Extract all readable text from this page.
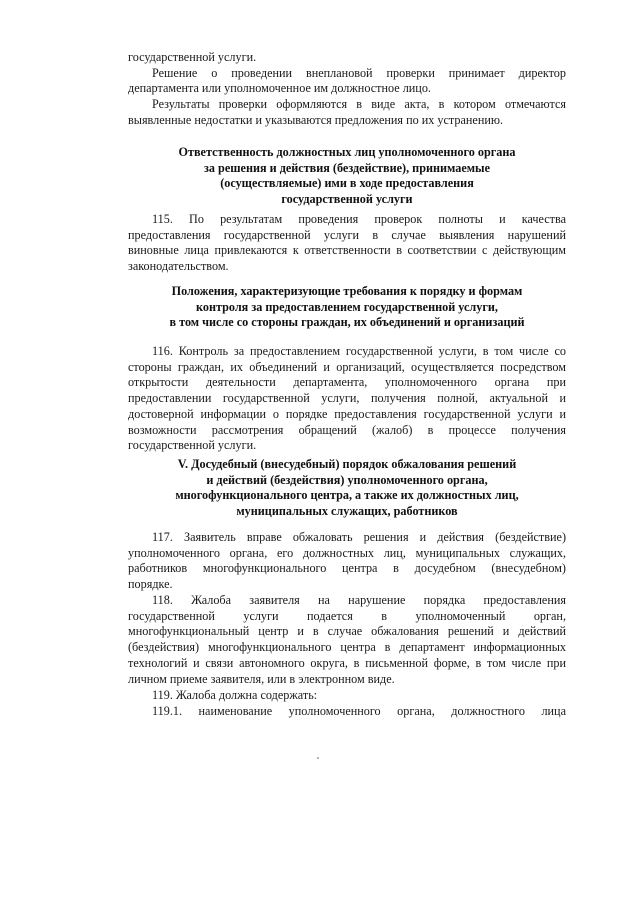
государственной услуги.
Решение о проведении внеплановой проверки принимает директор
департамента или уполномоченное им должностное лицо.
Результаты проверки оформляются в виде акта, в котором отмечаются
выявленные недостатки и указываются предложения по их устранению.
Ответственность должностных лиц уполномоченного органа
за решения и действия (бездействие), принимаемые
(осуществляемые) ими в ходе предоставления
государственной услуги
115. По результатам проведения проверок полноты и качества
предоставления государственной услуги в случае выявления нарушений
виновные лица привлекаются к ответственности в соответствии с действующим
законодательством.
Положения, характеризующие требования к порядку и формам
контроля за предоставлением государственной услуги,
в том числе со стороны граждан, их объединений и организаций
116. Контроль за предоставлением государственной услуги, в том числе со
стороны граждан, их объединений и организаций, осуществляется посредством
открытости деятельности департамента, уполномоченного органа при
предоставлении государственной услуги, получения полной, актуальной и
достоверной информации о порядке предоставления государственной услуги и
возможности рассмотрения обращений (жалоб) в процессе получения
государственной услуги.
V. Досудебный (внесудебный) порядок обжалования решений
и действий (бездействия) уполномоченного органа,
многофункционального центра, а также их должностных лиц,
муниципальных служащих, работников
117. Заявитель вправе обжаловать решения и действия (бездействие)
уполномоченного органа, его должностных лиц, муниципальных служащих,
работников многофункционального центра в досудебном (внесудебном)
порядке.
118. Жалоба заявителя на нарушение порядка предоставления
государственной услуги подается в уполномоченный орган,
многофункциональный центр и в случае обжалования решений и действий
(бездействия) многофункционального центра в департамент информационных
технологий и связи автономного округа, в письменной форме, в том числе при
личном приеме заявителя, или в электронном виде.
119. Жалоба должна содержать:
119.1. наименование уполномоченного органа, должностного лица
